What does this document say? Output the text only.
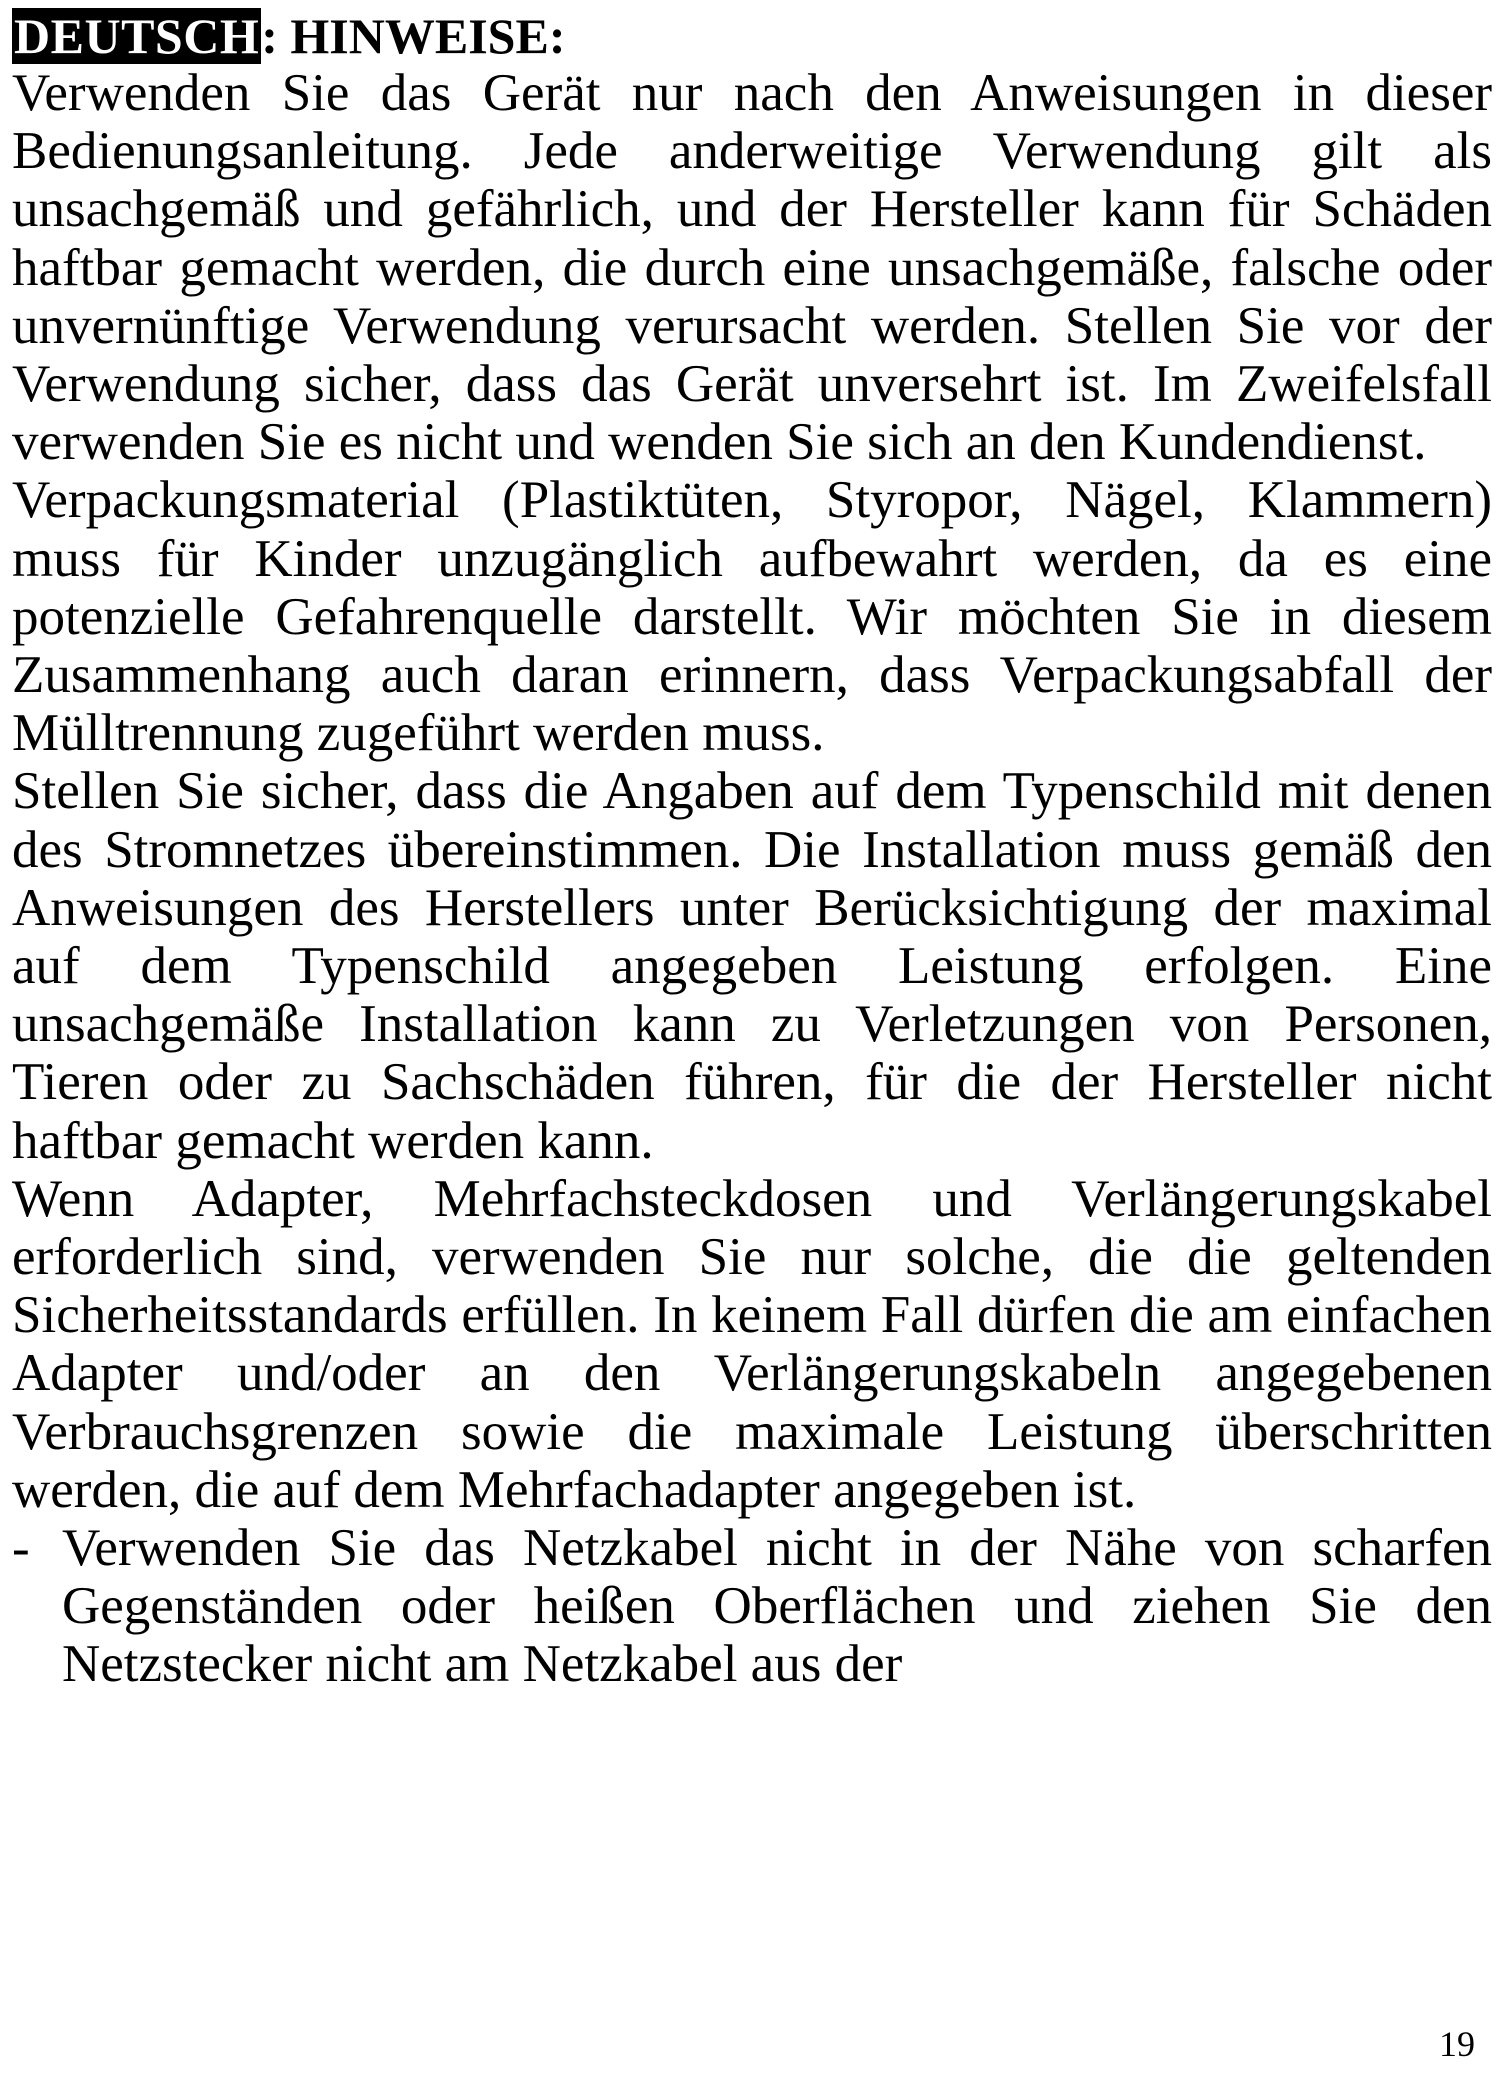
DEUTSCH: HINWEISE:

Verwenden Sie das Gerät nur nach den Anweisungen in dieser Bedienungsanleitung. Jede anderweitige Verwendung gilt als unsachgemäß und gefährlich, und der Hersteller kann für Schäden haftbar gemacht werden, die durch eine unsachgemäße, falsche oder unvernünftige Verwendung verursacht werden. Stellen Sie vor der Verwendung sicher, dass das Gerät unversehrt ist. Im Zweifelsfall verwenden Sie es nicht und wenden Sie sich an den Kundendienst.

Verpackungsmaterial (Plastiktüten, Styropor, Nägel, Klammern) muss für Kinder unzugänglich aufbewahrt werden, da es eine potenzielle Gefahrenquelle darstellt. Wir möchten Sie in diesem Zusammenhang auch daran erinnern, dass Verpackungsabfall der Mülltrennung zugeführt werden muss.

Stellen Sie sicher, dass die Angaben auf dem Typenschild mit denen des Stromnetzes übereinstimmen. Die Installation muss gemäß den Anweisungen des Herstellers unter Berücksichtigung der maximal auf dem Typenschild angegeben Leistung erfolgen. Eine unsachgemäße Installation kann zu Verletzungen von Personen, Tieren oder zu Sachschäden führen, für die der Hersteller nicht haftbar gemacht werden kann.

Wenn Adapter, Mehrfachsteckdosen und Verlängerungskabel erforderlich sind, verwenden Sie nur solche, die die geltenden Sicherheitsstandards erfüllen. In keinem Fall dürfen die am einfachen Adapter und/oder an den Verlängerungskabeln angegebenen Verbrauchsgrenzen sowie die maximale Leistung überschritten werden, die auf dem Mehrfachadapter angegeben ist.

- Verwenden Sie das Netzkabel nicht in der Nähe von scharfen Gegenständen oder heißen Oberflächen und ziehen Sie den Netzstecker nicht am Netzkabel aus der

19
